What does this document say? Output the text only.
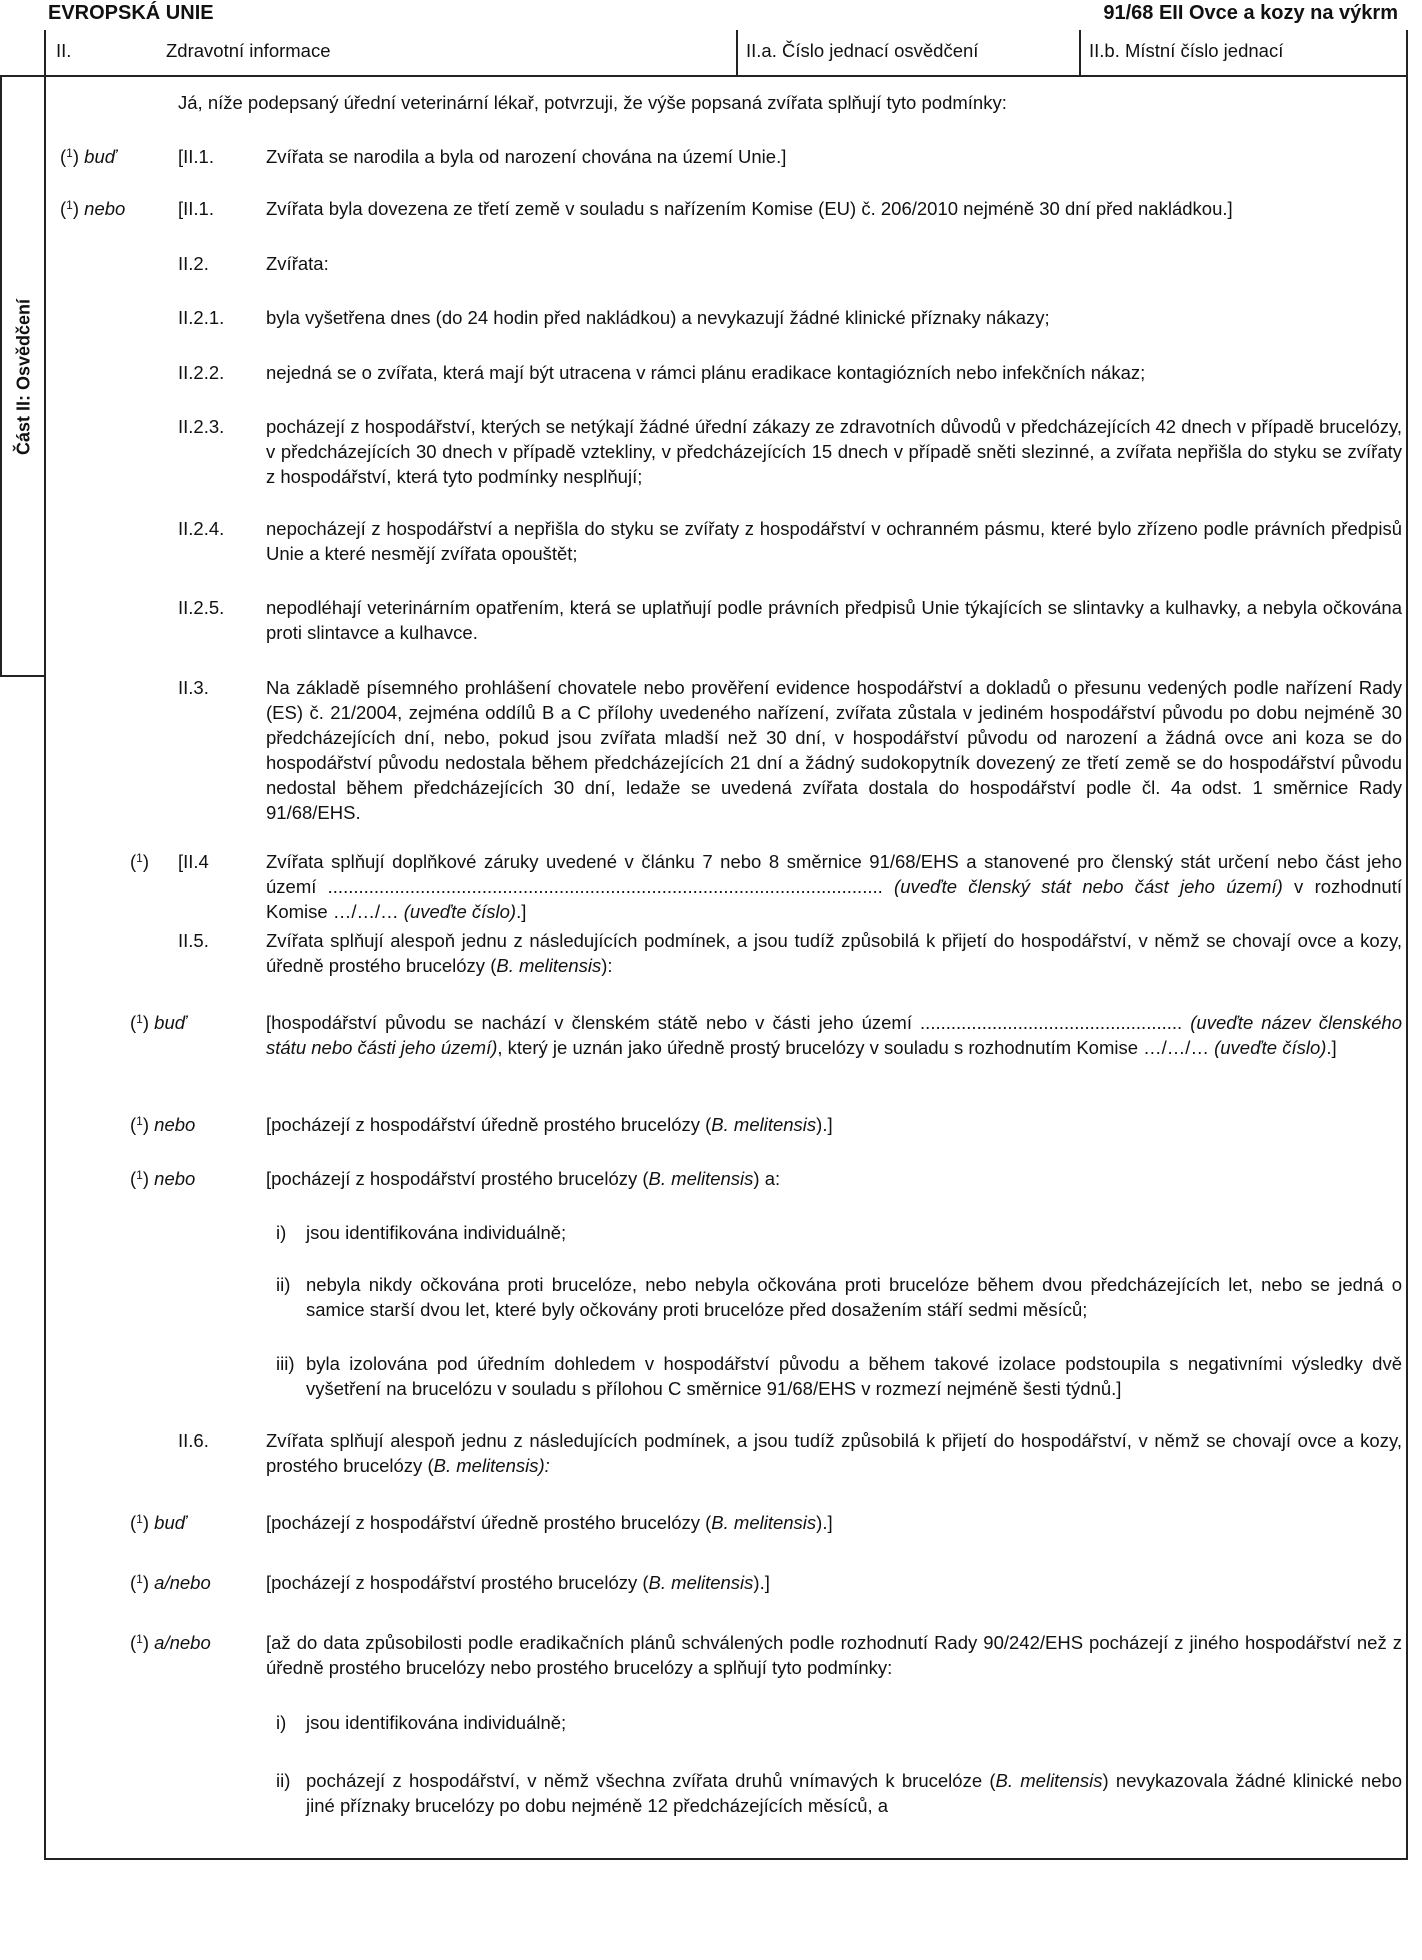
EVROPSKÁ UNIE	91/68 EII Ovce a kozy na výkrm
II.	Zdravotní informace	II.a. Číslo jednací osvědčení	II.b. Místní číslo jednací
Část II: Osvědčení
Já, níže podepsaný úřední veterinární lékař, potvrzuji, že výše popsaná zvířata splňují tyto podmínky:
($^1$) buď	[II.1.	Zvířata se narodila a byla od narození chována na území Unie.]
($^1$) nebo	[II.1.	Zvířata byla dovezena ze třetí země v souladu s nařízením Komise (EU) č. 206/2010 nejméně 30 dní před nakládkou.]
II.2.	Zvířata:
II.2.1. byla vyšetřena dnes (do 24 hodin před nakládkou) a nevykazují žádné klinické příznaky nákazy;
II.2.2. nejedná se o zvířata, která mají být utracena v rámci plánu eradikace kontagiózních nebo infekčních nákaz;
II.2.3. pocházejí z hospodářství, kterých se netýkají žádné úřední zákazy ze zdravotních důvodů v předcházejících 42 dnech v případě brucelózy, v předcházejících 30 dnech v případě vztekliny, v předcházejících 15 dnech v případě sněti slezinné, a zvířata nepřišla do styku se zvířaty z hospodářství, která tyto podmínky nesplňují;
II.2.4. nepocházejí z hospodářství a nepřišla do styku se zvířaty z hospodářství v ochranném pásmu, které bylo zřízeno podle právních předpisů Unie a které nesmějí zvířata opouštět;
II.2.5. nepodléhají veterinárním opatřením, která se uplatňují podle právních předpisů Unie týkajících se slintavky a kulhavky, a nebyla očkována proti slintavce a kulhavce.
II.3.	Na základě písemného prohlášení chovatele nebo prověření evidence hospodářství a dokladů o přesunu vedených podle nařízení Rady (ES) č. 21/2004, zejména oddílů B a C přílohy uvedeného nařízení, zvířata zůstala v jediném hospodářství původu po dobu nejméně 30 předcházejících dní, nebo, pokud jsou zvířata mladší než 30 dní, v hospodářství původu od narození a žádná ovce ani koza se do hospodářství původu nedostala během předcházejících 21 dní a žádný sudokopytník dovezený ze třetí země se do hospodářství původu nedostal během předcházejících 30 dní, ledaže se uvedená zvířata dostala do hospodářství podle čl. 4a odst. 1 směrnice Rady 91/68/EHS.
($^1$) [II.4	Zvířata splňují doplňkové záruky uvedené v článku 7 nebo 8 směrnice 91/68/EHS a stanovené pro členský stát určení nebo část jeho území ............................................................................................................ (uveďte členský stát nebo část jeho území) v rozhodnutí Komise …/…/… (uveďte číslo).]
II.5.	Zvířata splňují alespoň jednu z následujících podmínek, a jsou tudíž způsobilá k přijetí do hospodářství, v němž se chovají ovce a kozy, úředně prostého brucelózy (B. melitensis):
($^1$) buď	[hospodářství původu se nachází v členském státě nebo v části jeho území ................................................... (uveďte název členského státu nebo části jeho území), který je uznán jako úředně prostý brucelózy v souladu s rozhodnutím Komise …/…/… (uveďte číslo).]
($^1$) nebo	[pocházejí z hospodářství úředně prostého brucelózy (B. melitensis).]
($^1$) nebo	[pocházejí z hospodářství prostého brucelózy (B. melitensis) a:
i) jsou identifikována individuálně;
ii) nebyla nikdy očkována proti brucelóze, nebo nebyla očkována proti brucelóze během dvou předcházejících let, nebo se jedná o samice starší dvou let, které byly očkovány proti brucelóze před dosažením stáří sedmi měsíců;
iii) byla izolována pod úředním dohledem v hospodářství původu a během takové izolace podstoupila s negativními výsledky dvě vyšetření na brucelózu v souladu s přílohou C směrnice 91/68/EHS v rozmezí nejméně šesti týdnů.]
II.6.	Zvířata splňují alespoň jednu z následujících podmínek, a jsou tudíž způsobilá k přijetí do hospodářství, v němž se chovají ovce a kozy, prostého brucelózy (B. melitensis):
($^1$) buď	[pocházejí z hospodářství úředně prostého brucelózy (B. melitensis).]
($^1$) a/nebo	[pocházejí z hospodářství prostého brucelózy (B. melitensis).]
($^1$) a/nebo	[až do data způsobilosti podle eradikačních plánů schválených podle rozhodnutí Rady 90/242/EHS pocházejí z jiného hospodářství než z úředně prostého brucelózy nebo prostého brucelózy a splňují tyto podmínky:
i) jsou identifikována individuálně;
ii) pocházejí z hospodářství, v němž všechna zvířata druhů vnímavých k brucelóze (B. melitensis) nevykazovala žádné klinické nebo jiné příznaky brucelózy po dobu nejméně 12 předcházejících měsíců, a
